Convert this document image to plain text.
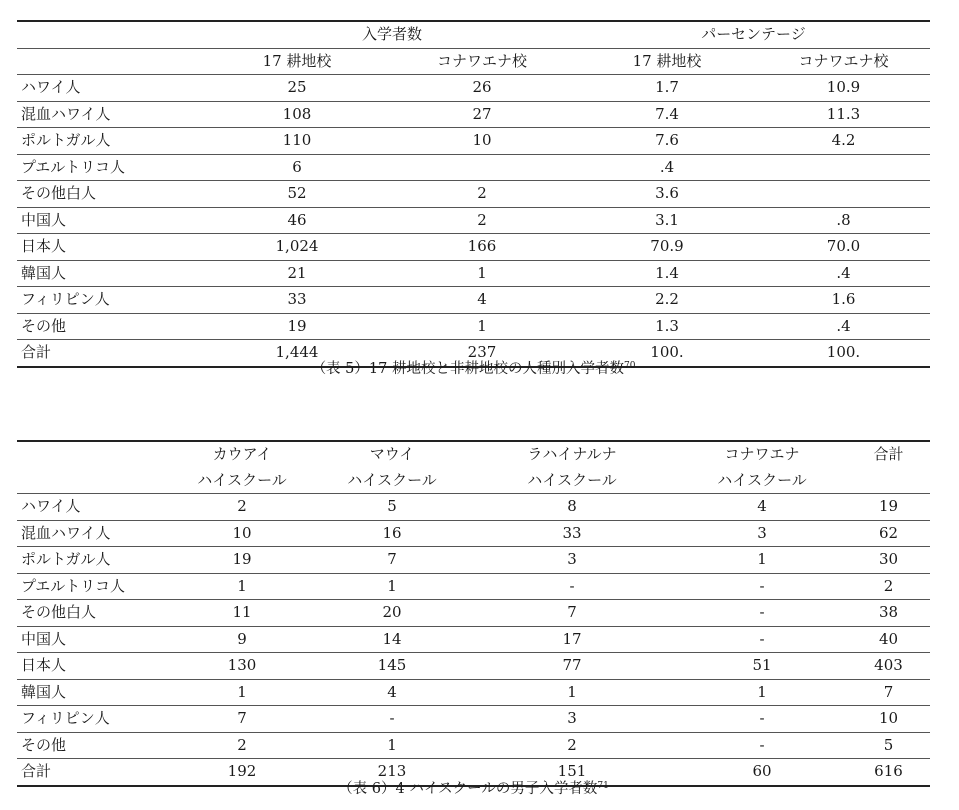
	入学者数		パーセンテージ	
	17 耕地校	コナワエナ校	17 耕地校	コナワエナ校
ハワイ人	25	26	1.7	10.9
混血ハワイ人	108	27	7.4	11.3
ポルトガル人	110	10	7.6	4.2
プエルトリコ人	6		.4	
その他白人	52	2	3.6	
中国人	46	2	3.1	.8
日本人	1,024	166	70.9	70.0
韓国人	21	1	1.4	.4
フィリピン人	33	4	2.2	1.6
その他	19	1	1.3	.4
合計	1,444	237	100.	100.
（表 5）17 耕地校と非耕地校の人種別入学者数$^{70}$
	カウアイ	マウイ	ラハイナルナ	コナワエナ	合計
	ハイスクール	ハイスクール	ハイスクール	ハイスクール	
ハワイ人	2	5	8	4	19
混血ハワイ人	10	16	33	3	62
ポルトガル人	19	7	3	1	30
プエルトリコ人	1	1	-	-	2
その他白人	11	20	7	-	38
中国人	9	14	17	-	40
日本人	130	145	77	51	403
韓国人	1	4	1	1	7
フィリピン人	7	-	3	-	10
その他	2	1	2	-	5
合計	192	213	151	60	616
（表 6）4 ハイスクールの男子入学者数$^{71}$
